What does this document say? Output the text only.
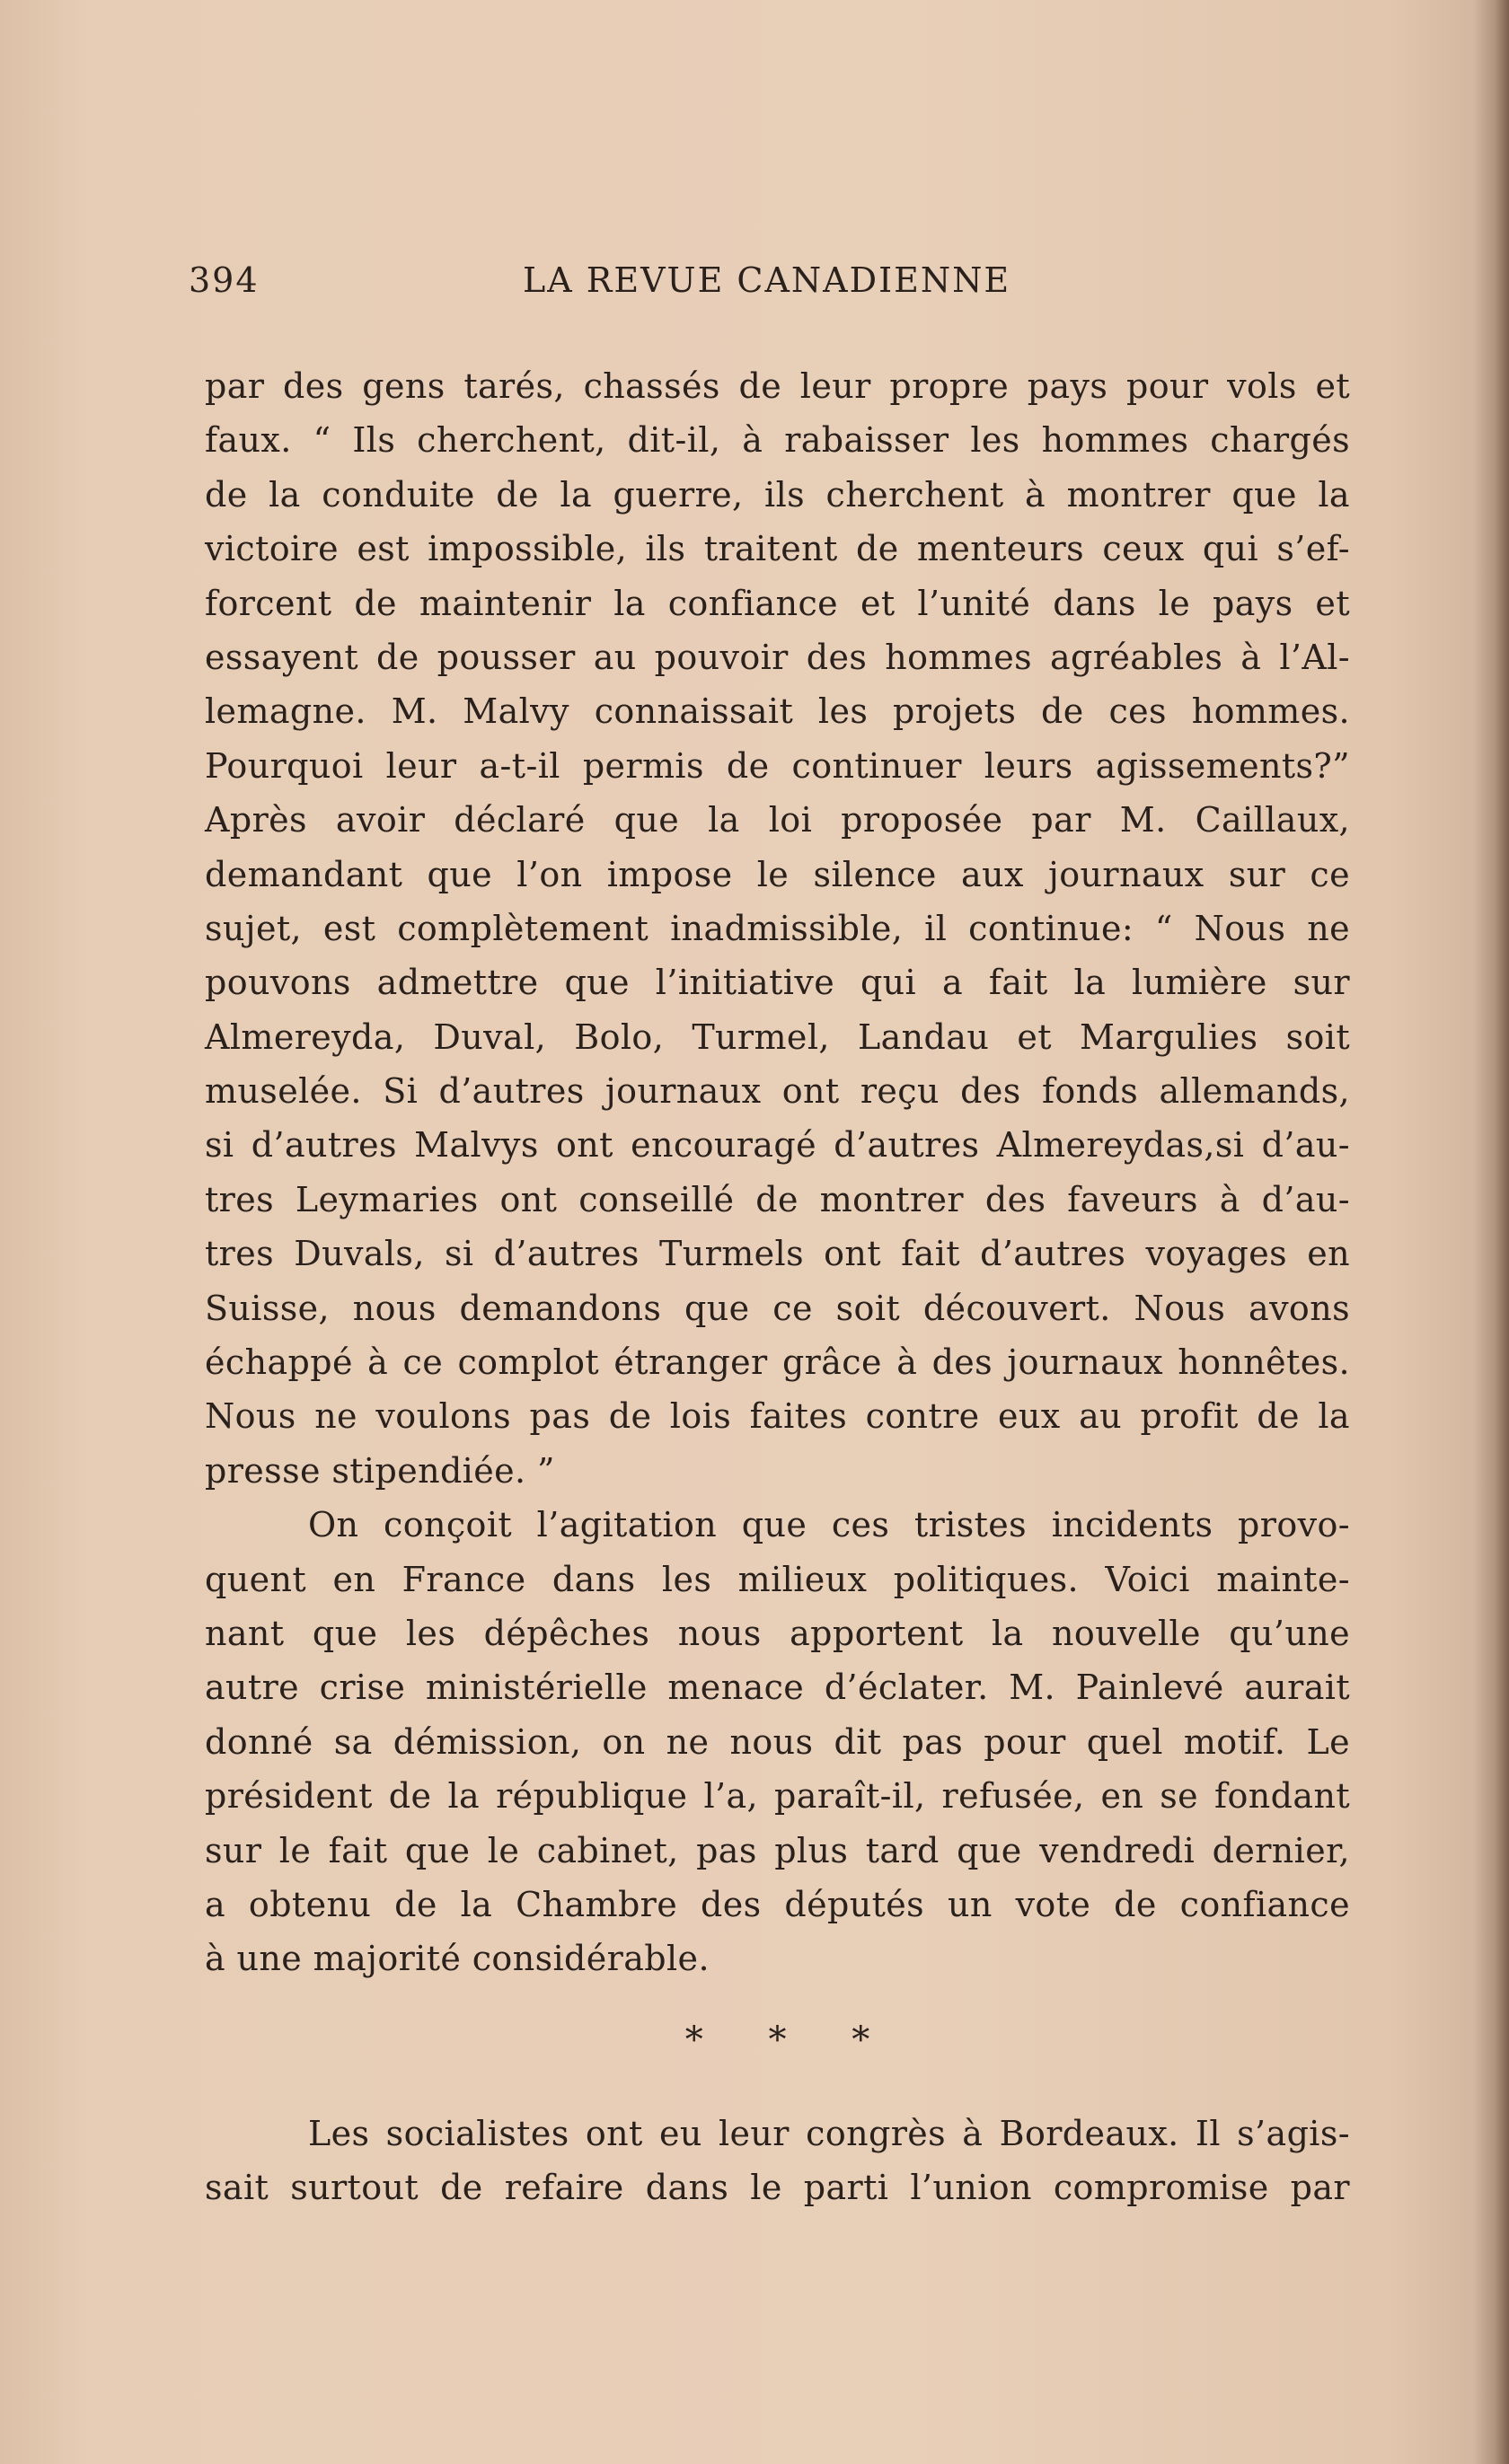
394	LA REVUE CANADIENNE
par des gens tarés, chassés de leur propre pays pour vols et
faux. “ Ils cherchent, dit-il, à rabaisser les hommes chargés
de la conduite de la guerre, ils cherchent à montrer que la
victoire est impossible, ils traitent de menteurs ceux qui s’ef-
forcent de maintenir la confiance et l’unité dans le pays et
essayent de pousser au pouvoir des hommes agréables à l’Al-
lemagne. M. Malvy connaissait les projets de ces hommes.
Pourquoi leur a-t-il permis de continuer leurs agissements?”
Après avoir déclaré que la loi proposée par M. Caillaux,
demandant que l’on impose le silence aux journaux sur ce
sujet, est complètement inadmissible, il continue: “ Nous ne
pouvons admettre que l’initiative qui a fait la lumière sur
Almereyda, Duval, Bolo, Turmel, Landau et Margulies soit
muselée. Si d’autres journaux ont reçu des fonds allemands,
si d’autres Malvys ont encouragé d’autres Almereydas,si d’au-
tres Leymaries ont conseillé de montrer des faveurs à d’au-
tres Duvals, si d’autres Turmels ont fait d’autres voyages en
Suisse, nous demandons que ce soit découvert. Nous avons
échappé à ce complot étranger grâce à des journaux honnêtes.
Nous ne voulons pas de lois faites contre eux au profit de la
presse stipendiée. ”
On conçoit l’agitation que ces tristes incidents provo-
quent en France dans les milieux politiques. Voici mainte-
nant que les dépêches nous apportent la nouvelle qu’une
autre crise ministérielle menace d’éclater. M. Painlevé aurait
donné sa démission, on ne nous dit pas pour quel motif. Le
président de la république l’a, paraît-il, refusée, en se fondant
sur le fait que le cabinet, pas plus tard que vendredi dernier,
a obtenu de la Chambre des députés un vote de confiance
à une majorité considérable.
* * *
Les socialistes ont eu leur congrès à Bordeaux. Il s’agis-
sait surtout de refaire dans le parti l’union compromise par
